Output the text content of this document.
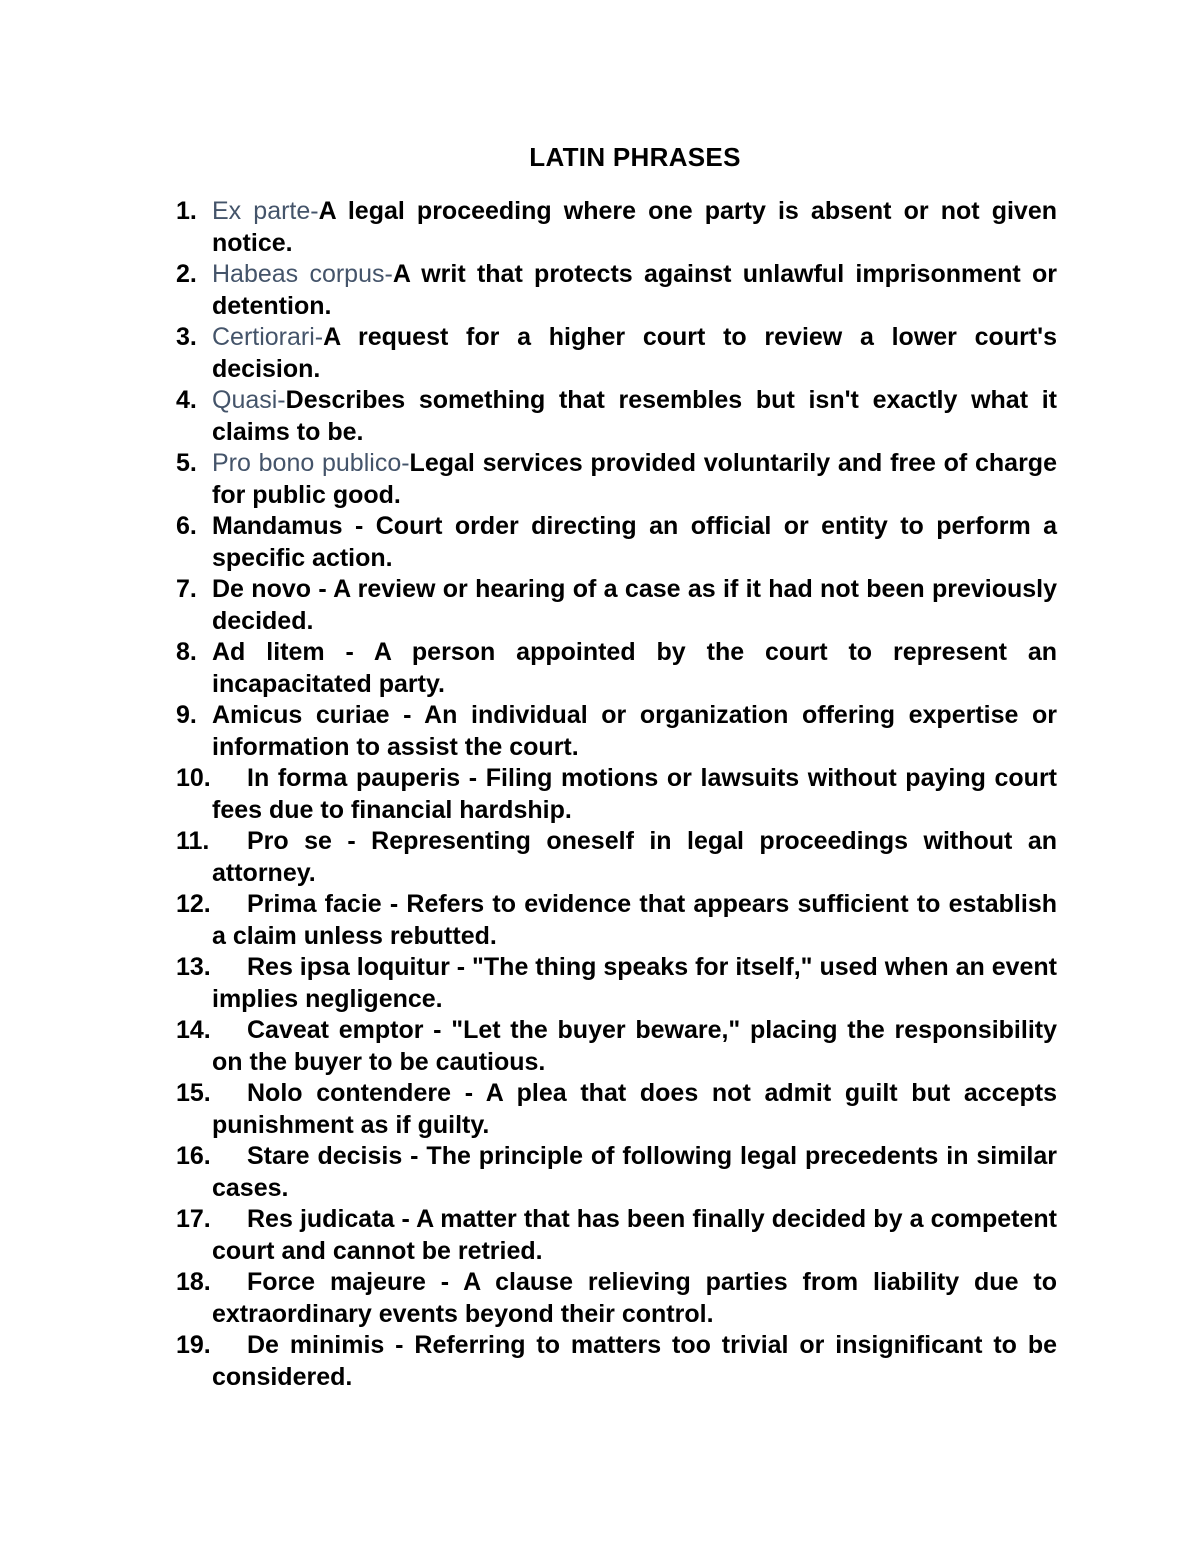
LATIN PHRASES
1. Ex parte-A legal proceeding where one party is absent or not given notice.
2. Habeas corpus-A writ that protects against unlawful imprisonment or detention.
3. Certiorari-A request for a higher court to review a lower court's decision.
4. Quasi-Describes something that resembles but isn't exactly what it claims to be.
5. Pro bono publico-Legal services provided voluntarily and free of charge for public good.
6. Mandamus - Court order directing an official or entity to perform a specific action.
7. De novo - A review or hearing of a case as if it had not been previously decided.
8. Ad litem - A person appointed by the court to represent an incapacitated party.
9. Amicus curiae - An individual or organization offering expertise or information to assist the court.
10. In forma pauperis - Filing motions or lawsuits without paying court fees due to financial hardship.
11. Pro se - Representing oneself in legal proceedings without an attorney.
12. Prima facie - Refers to evidence that appears sufficient to establish a claim unless rebutted.
13. Res ipsa loquitur - "The thing speaks for itself," used when an event implies negligence.
14. Caveat emptor - "Let the buyer beware," placing the responsibility on the buyer to be cautious.
15. Nolo contendere - A plea that does not admit guilt but accepts punishment as if guilty.
16. Stare decisis - The principle of following legal precedents in similar cases.
17. Res judicata - A matter that has been finally decided by a competent court and cannot be retried.
18. Force majeure - A clause relieving parties from liability due to extraordinary events beyond their control.
19. De minimis - Referring to matters too trivial or insignificant to be considered.
